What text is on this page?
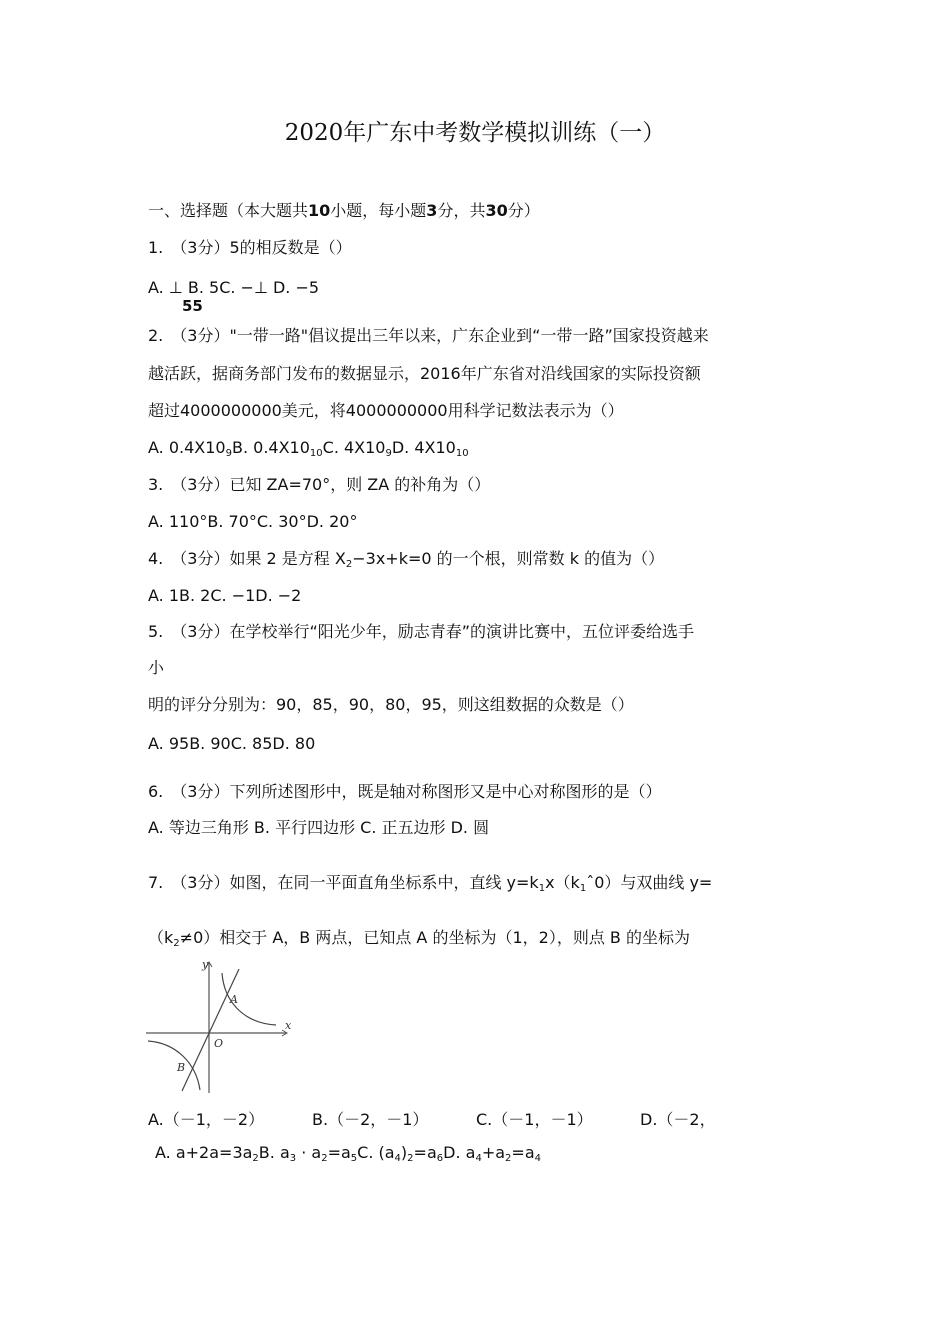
2020年广东中考数学模拟训练（一）
一、选择题（本大题共10小题，每小题3分，共30分）
1.　（3分）5的相反数是（）
A. ⊥ B. 5C. −⊥ D. −5
55
2.　（3分）"一带一路"倡议提出三年以来，广东企业到“一带一路”国家投资越来
越活跃，据商务部门发布的数据显示，2016年广东省对沿线国家的实际投资额
超过4000000000美元，将4000000000用科学记数法表示为（）
A. $0.4X10_9B$. $0.4X10_{10}C$. $4X10_9D$. $4X10_{10}$
3.　（3分）已知 ZA=70°，则 ZA 的补角为（）
A. 110°B. 70°C. 30°D. 20°
4.　（3分）如果 2 是方程 $X_2-3x+k=0$ 的一个根，则常数 k 的值为（）
A. 1B. 2C. −1D. −2
5.　（3分）在学校举行“阳光少年，励志青春”的演讲比赛中，五位评委给选手
小
明的评分分别为：90，85，90，80，95，则这组数据的众数是（）
A. 95B. 90C. 85D. 80
6.　（3分）下列所述图形中，既是轴对称图形又是中心对称图形的是（）
A. 等边三角形 B. 平行四边形 C. 正五边形 D. 圆
7.　（3分）如图，在同一平面直角坐标系中，直线 $y=k_1x(k_1ˆ0)$与双曲线 y=
$(k_2\ne 0)$相交于 A，B 两点，已知点 A 的坐标为（1，2），则点 B 的坐标为
y
x
O
A
B
A.（－1，－2）	B.（－2，－1）	C.（－1，－1）	D.（－2，
A. $a+2a=3a_2B$. $a_3 \cdot a_2=a_5C$. $(a_4)_2=a_6D$. $a_4+a_2=a_4$
